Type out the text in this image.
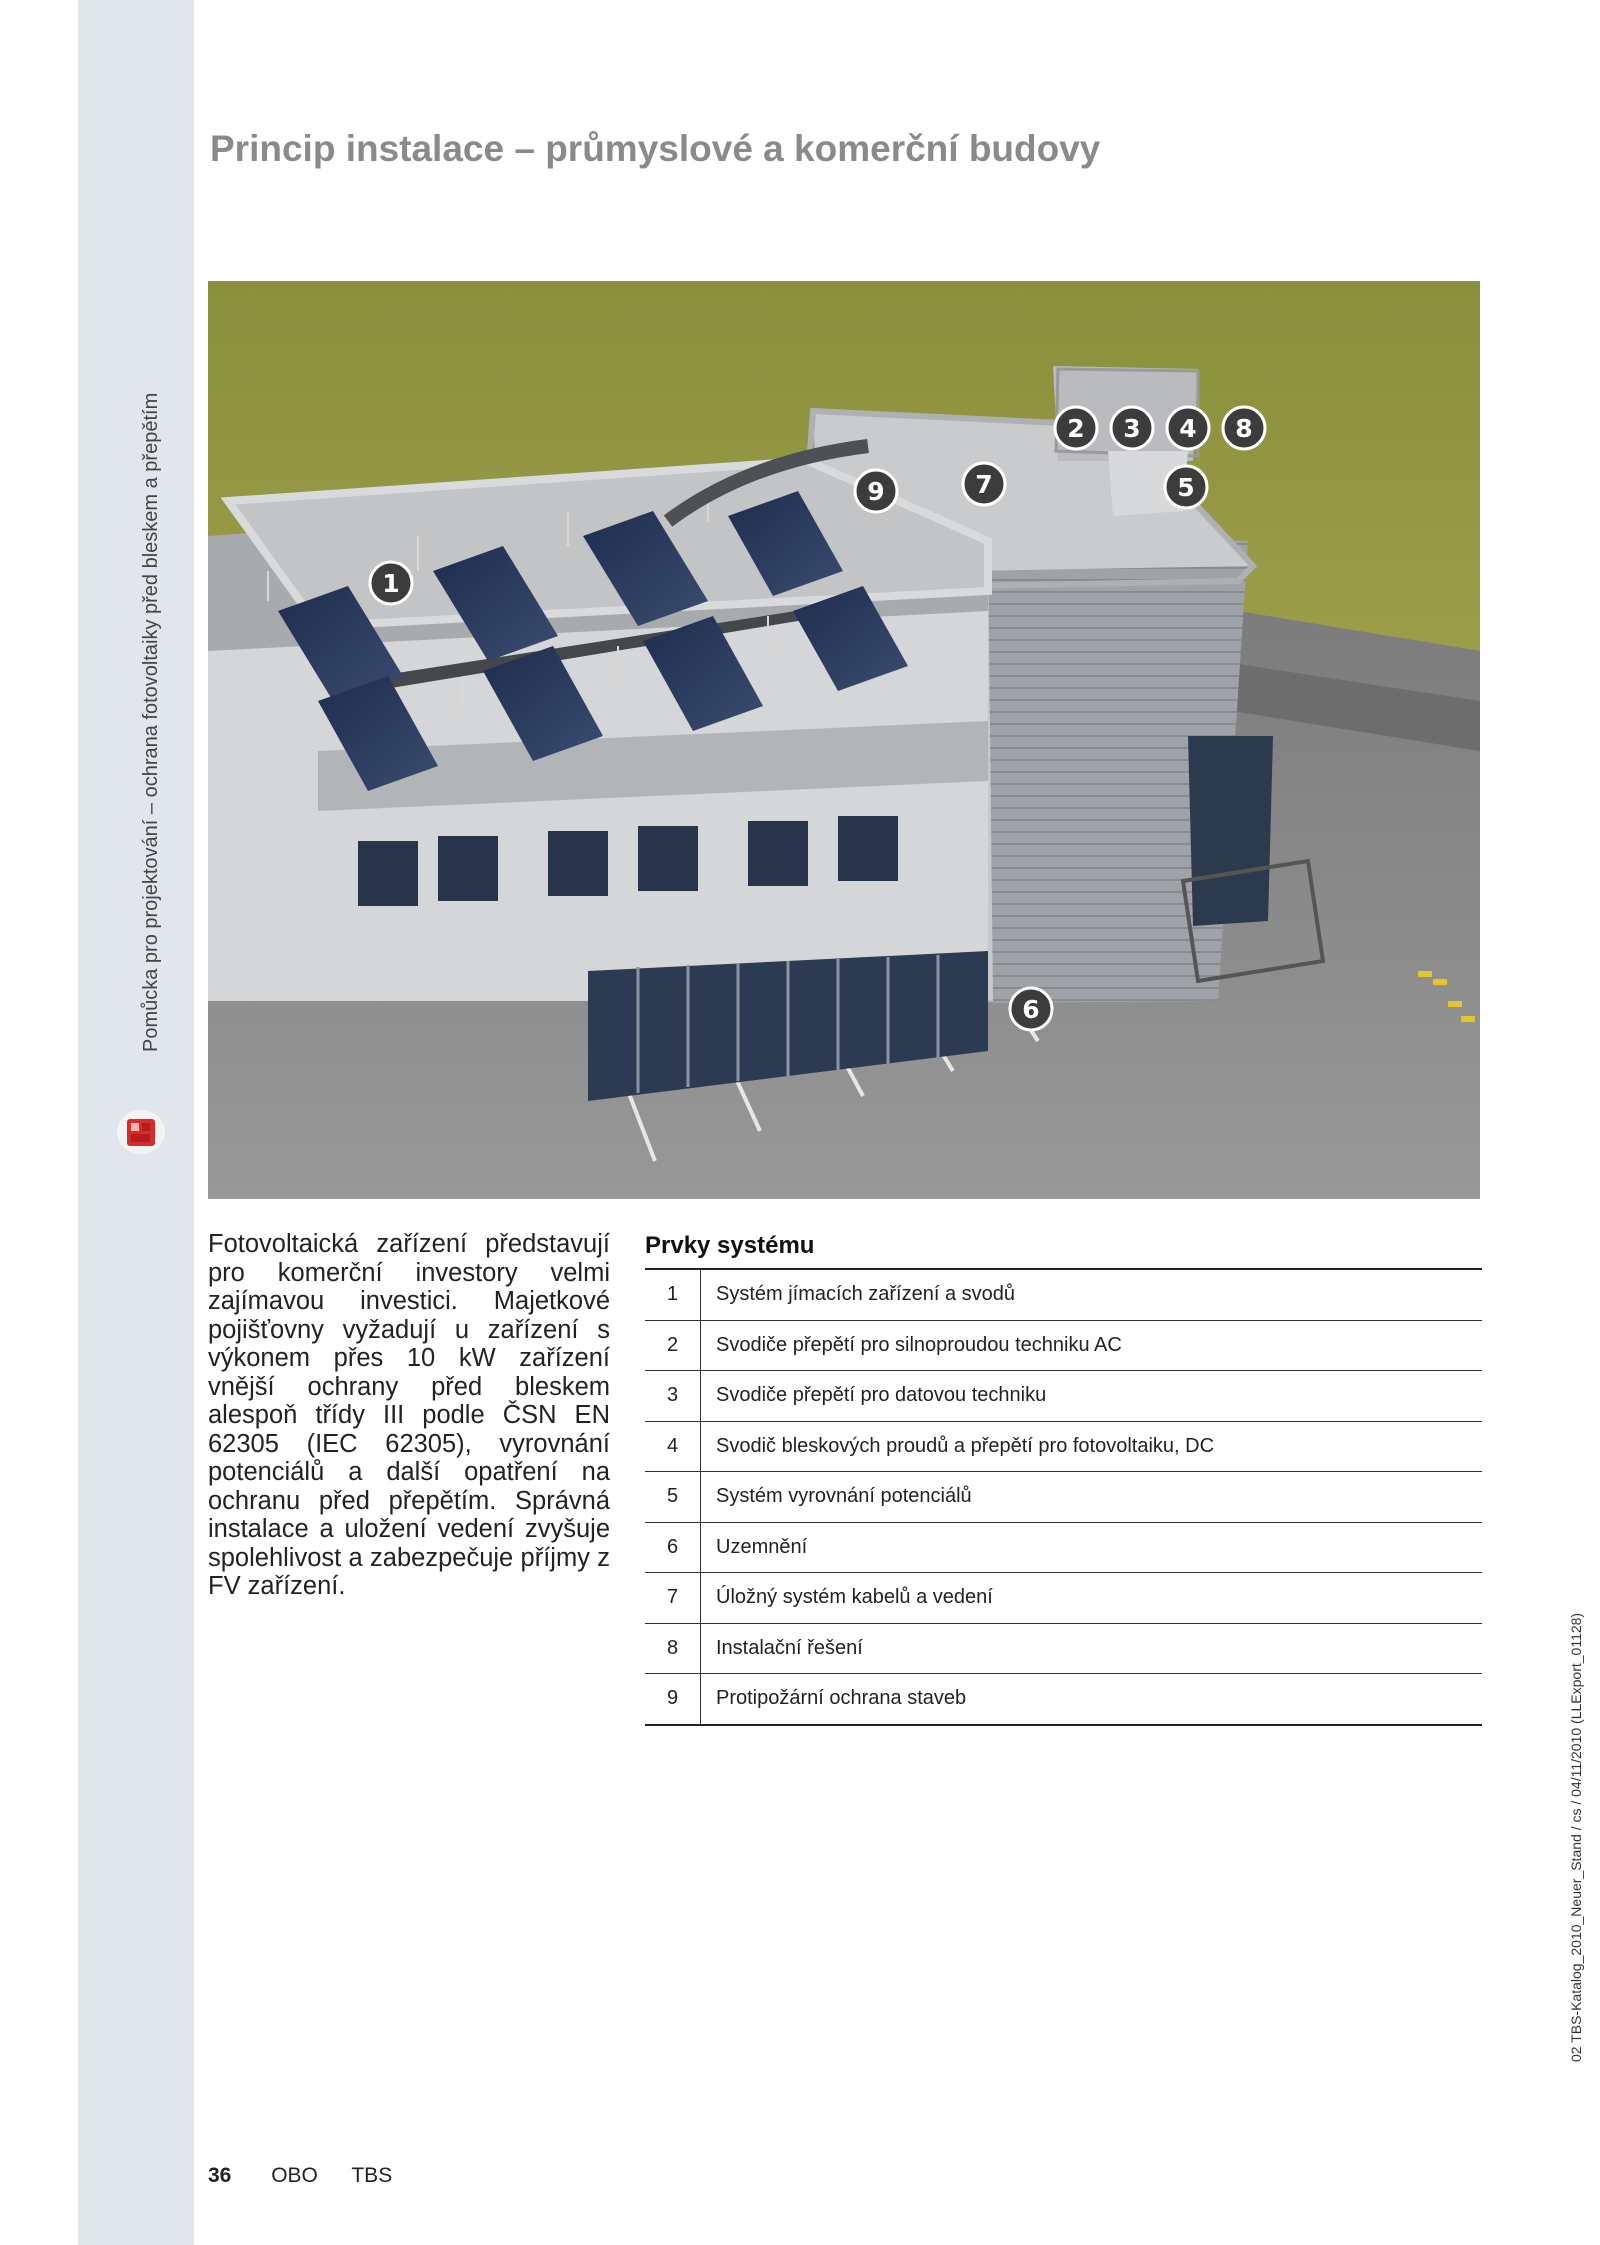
Pomůcka pro projektování – ochrana fotovoltaiky před bleskem a přepětím
Princip instalace – průmyslové a komerční budovy
1
2 3 4
5
6
7
8
9

Fotovoltaická zařízení představují pro komerční investory velmi zajímavou investici. Majetkové pojišťovny vyžadují u zařízení s výkonem přes 10 kW zařízení vnější ochrany před bleskem alespoň třídy III podle ČSN EN 62305 (IEC 62305), vyrovnání potenciálů a další opatření na ochranu před přepětím. Správná instalace a uložení vedení zvyšuje spolehlivost a zabezpečuje příjmy z FV zařízení.

Prvky systému
1	Systém jímacích zařízení a svodů
2	Svodiče přepětí pro silnoproudou techniku AC
3	Svodiče přepětí pro datovou techniku
4	Svodič bleskových proudů a přepětí pro fotovoltaiku, DC
5	Systém vyrovnání potenciálů
6	Uzemnění
7	Úložný systém kabelů a vedení
8	Instalační řešení
9	Protipožární ochrana staveb	02 TBS-Katalog_2010_Neuer_Stand / cs / 04/11/2010 (LLExport_01128)
36 OBO TBS
